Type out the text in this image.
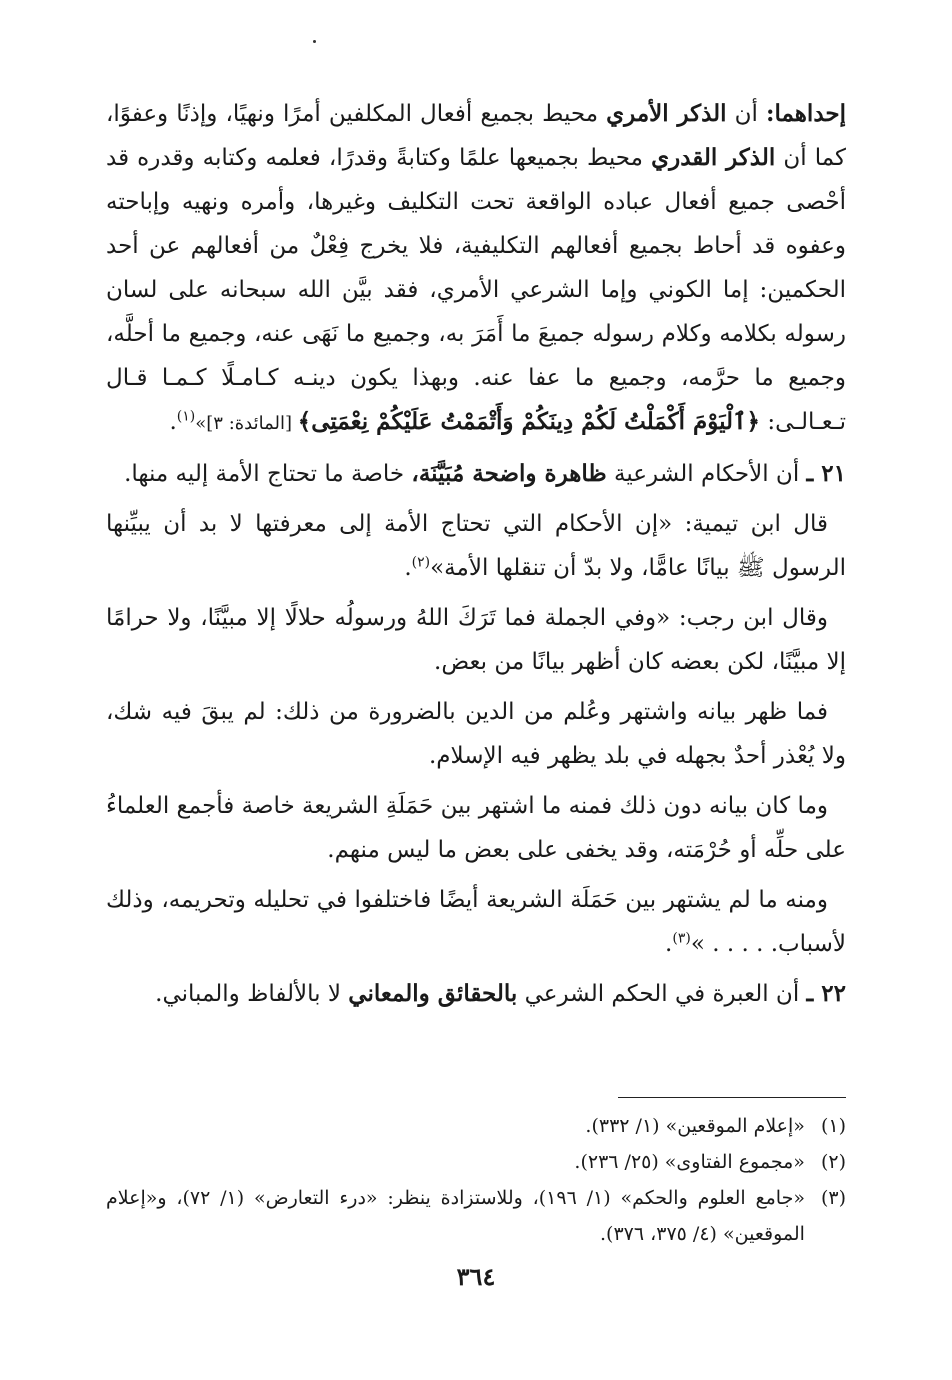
إحداهما: أن الذكر الأمري محيط بجميع أفعال المكلفين أمرًا ونهيًا، وإذنًا وعفوًا، كما أن الذكر القدري محيط بجميعها علمًا وكتابةً وقدرًا، فعلمه وكتابه وقدره قد أحْصى جميع أفعال عباده الواقعة تحت التكليف وغيرها، وأمره ونهيه وإباحته وعفوه قد أحاط بجميع أفعالهم التكليفية، فلا يخرج فِعْلٌ من أفعالهم عن أحد الحكمين: إما الكوني وإما الشرعي الأمري، فقد بيَّن الله سبحانه على لسان رسوله بكلامه وكلام رسوله جميعَ ما أَمَرَ به، وجميع ما نَهَى عنه، وجميع ما أحلَّه، وجميع ما حرَّمه، وجميع ما عفا عنه. وبهذا يكون دينـه كـامـلًا كـمـا قـال تـعـالـى: ﴿ٱلْيَوْمَ أَكْمَلْتُ لَكُمْ دِينَكُمْ وَأَتْمَمْتُ عَلَيْكُمْ نِعْمَتِى﴾ [المائدة: ٣]»$^{(١)}$.

٢١ ـ أن الأحكام الشرعية ظاهرة واضحة مُبَيَّنَة، خاصة ما تحتاج الأمة إليه منها.

قال ابن تيمية: «إن الأحكام التي تحتاج الأمة إلى معرفتها لا بد أن يبيِّنها الرسول ﷺ بيانًا عامًّا، ولا بدّ أن تنقلها الأمة»$^{(٢)}$.

وقال ابن رجب: «وفي الجملة فما تَرَكَ اللهُ ورسولُه حلالًا إلا مبيَّنًا، ولا حرامًا إلا مبيَّنًا، لكن بعضه كان أظهر بيانًا من بعض.

فما ظهر بيانه واشتهر وعُلم من الدين بالضرورة من ذلك: لم يبقَ فيه شك، ولا يُعْذر أحدٌ بجهله في بلد يظهر فيه الإسلام.

وما كان بيانه دون ذلك فمنه ما اشتهر بين حَمَلَةِ الشريعة خاصة فأجمع العلماءُ على حلِّه أو حُرْمَته، وقد يخفى على بعض ما ليس منهم.

ومنه ما لم يشتهر بين حَمَلَة الشريعة أيضًا فاختلفوا في تحليله وتحريمه، وذلك لأسباب. . . . . »$^{(٣)}$.

٢٢ ـ أن العبرة في الحكم الشرعي بالحقائق والمعاني لا بالألفاظ والمباني.

(١)
«إعلام الموقعين» (١/ ٣٣٢).

(٢)
«مجموع الفتاوى» (٢٥/ ٢٣٦).

(٣)
«جامع العلوم والحكم» (١/ ١٩٦)، وللاستزادة ينظر: «درء التعارض» (١/ ٧٢)، و«إعلام الموقعين» (٤/ ٣٧٥، ٣٧٦).

٣٦٤
